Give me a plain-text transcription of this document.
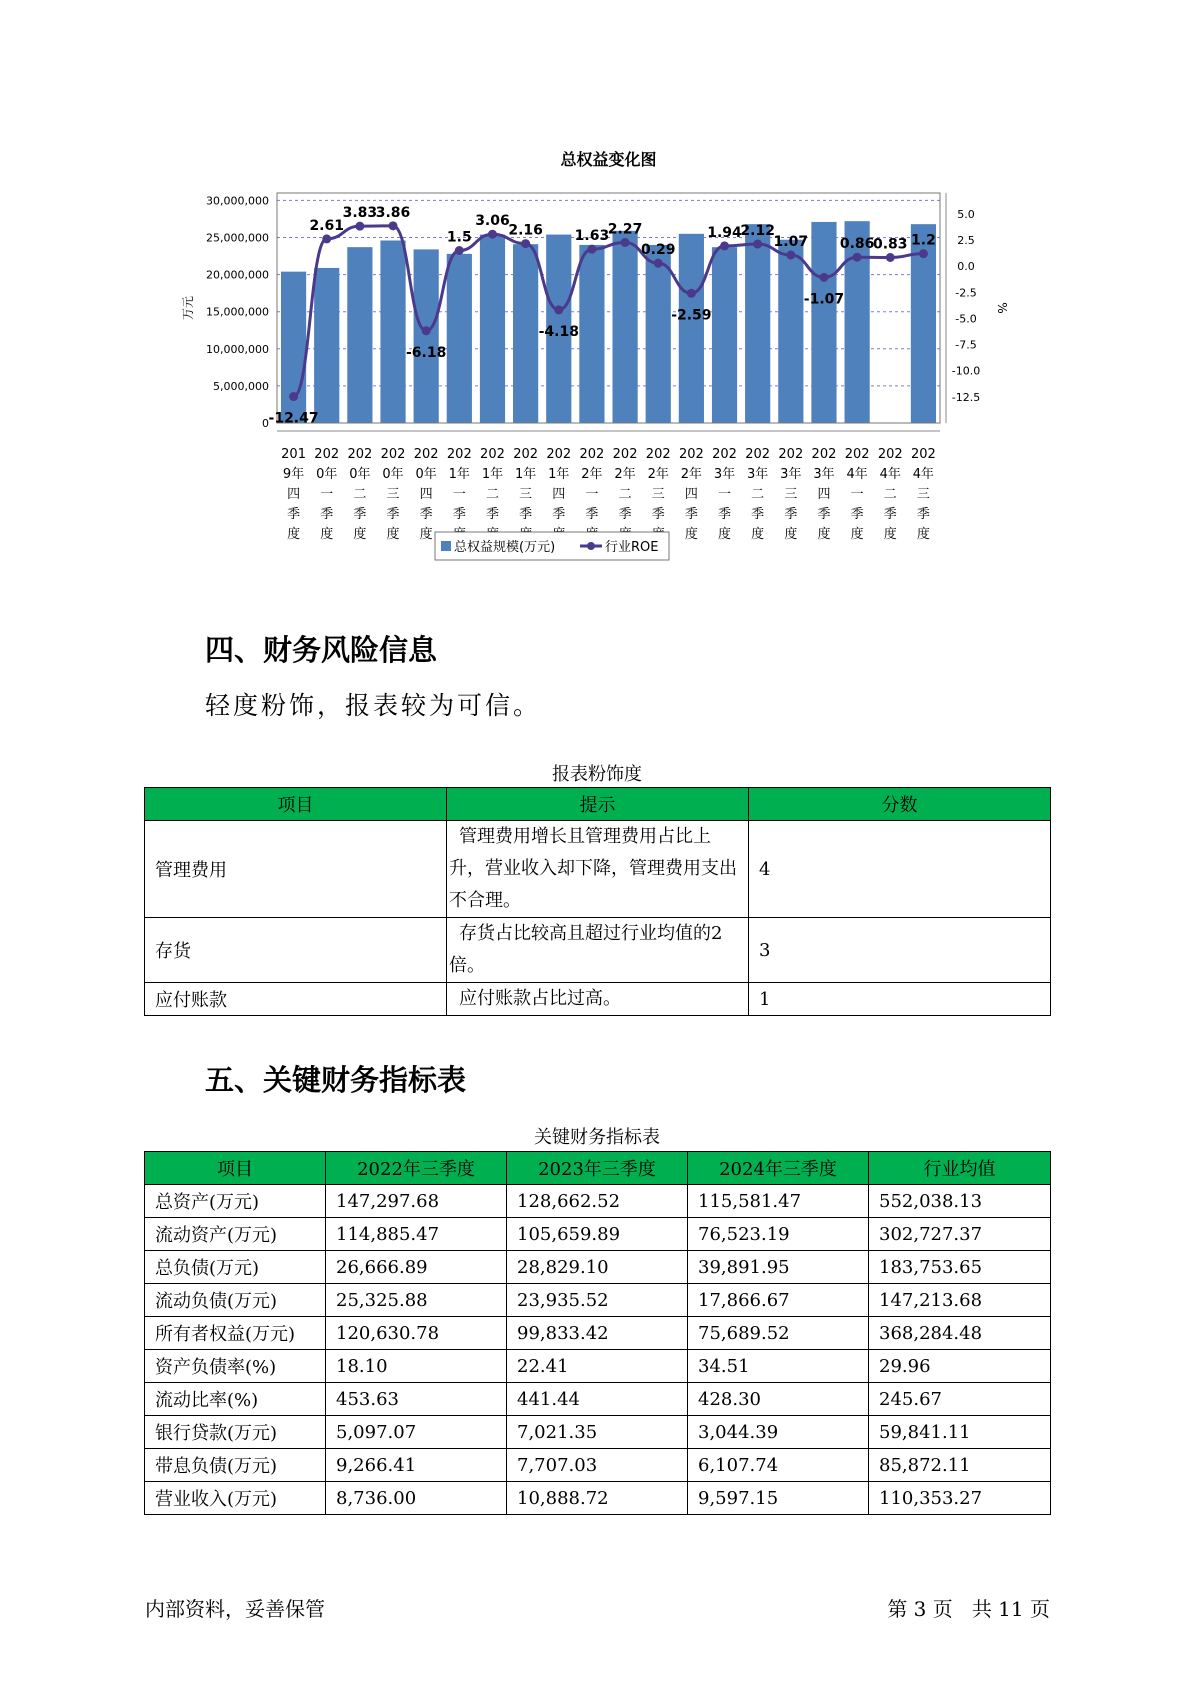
总权益变化图
0
5,000,000
10,000,000
15,000,000
20,000,000
25,000,000
30,000,000
5.0
2.5
0.0
-2.5
-5.0
-7.5
-10.0
-12.5
万元	%
201 9年四季度
202 0年一季度
202 0年二季度
202 0年三季度
202 0年四季度
202 1年一季
202 1年二季
202 1年三季
202 1年四季
202 2年一季
202 2年二季
202 2年三季
202 2年四季度
202 3年一季度
202 3年二季度
202 3年三季度
202 3年四季度
202 4年一季度
202 4年二季度
202 4年三季度
-12.47
2.61
3.83
3.86
-6.18
1.5
3.06
2.16
-4.18
1.63
2.27
0.29
-2.59
1.94
2.12
1.07
-1.07
0.86
0.83 1.2
总权益规模(万元)	行业ROE
四、财务风险信息

轻度粉饰，报表较为可信。

报表粉饰度

项目	提示	分数
管理费用	管理费用增长且管理费用占比上升，营业收入却下降，管理费用支出不合理。	4
存货	存货占比较高且超过行业均值的2倍。	3
应付账款	应付账款占比过高。	1
五、关键财务指标表

关键财务指标表

项目	2022年三季度	2023年三季度	2024年三季度	行业均值
总资产(万元)	147,297.68	128,662.52	115,581.47	552,038.13
流动资产(万元)	114,885.47	105,659.89	76,523.19	302,727.37
总负债(万元)	26,666.89	28,829.10	39,891.95	183,753.65
流动负债(万元)	25,325.88	23,935.52	17,866.67	147,213.68
所有者权益(万元)	120,630.78	99,833.42	75,689.52	368,284.48
资产负债率(%)	18.10	22.41	34.51	29.96
流动比率(%)	453.63	441.44	428.30	245.67
银行贷款(万元)	5,097.07	7,021.35	3,044.39	59,841.11
带息负债(万元)	9,266.41	7,707.03	6,107.74	85,872.11
营业收入(万元)	8,736.00	10,888.72	9,597.15	110,353.27

内部资料，妥善保管	第 3 页   共 11 页
